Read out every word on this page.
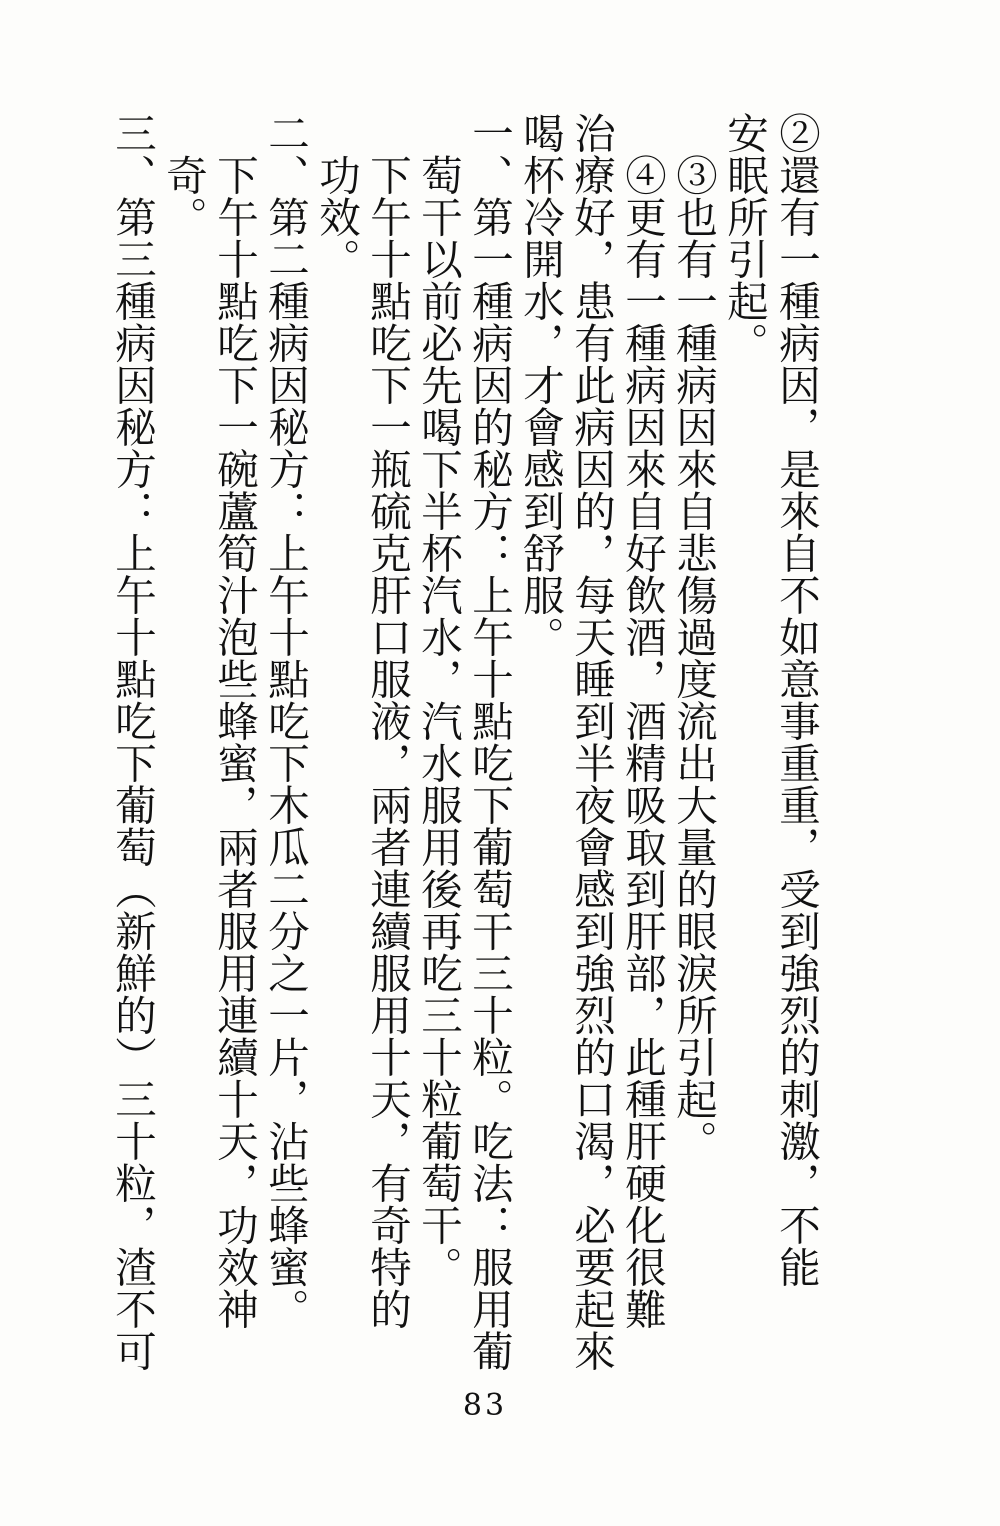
②還有一種病因，是來自不如意事重重，受到強烈的刺激，不能
安眠所引起。
　③也有一種病因來自悲傷過度流出大量的眼淚所引起。
　④更有一種病因來自好飲酒，酒精吸取到肝部，此種肝硬化很難
治療好，患有此病因的，每天睡到半夜會感到強烈的口渴，必要起來
喝杯冷開水，才會感到舒服。
一、第一種病因的秘方：上午十點吃下葡萄干三十粒。吃法：服用葡
　萄干以前必先喝下半杯汽水，汽水服用後再吃三十粒葡萄干。
　下午十點吃下一瓶硫克肝口服液，兩者連續服用十天，有奇特的
　功效。
二、第二種病因秘方：上午十點吃下木瓜二分之一片，沾些蜂蜜。
　下午十點吃下一碗蘆筍汁泡些蜂蜜，兩者服用連續十天，功效神
　奇。
三、第三種病因秘方：上午十點吃下葡萄（新鮮的）三十粒，渣不可
83
